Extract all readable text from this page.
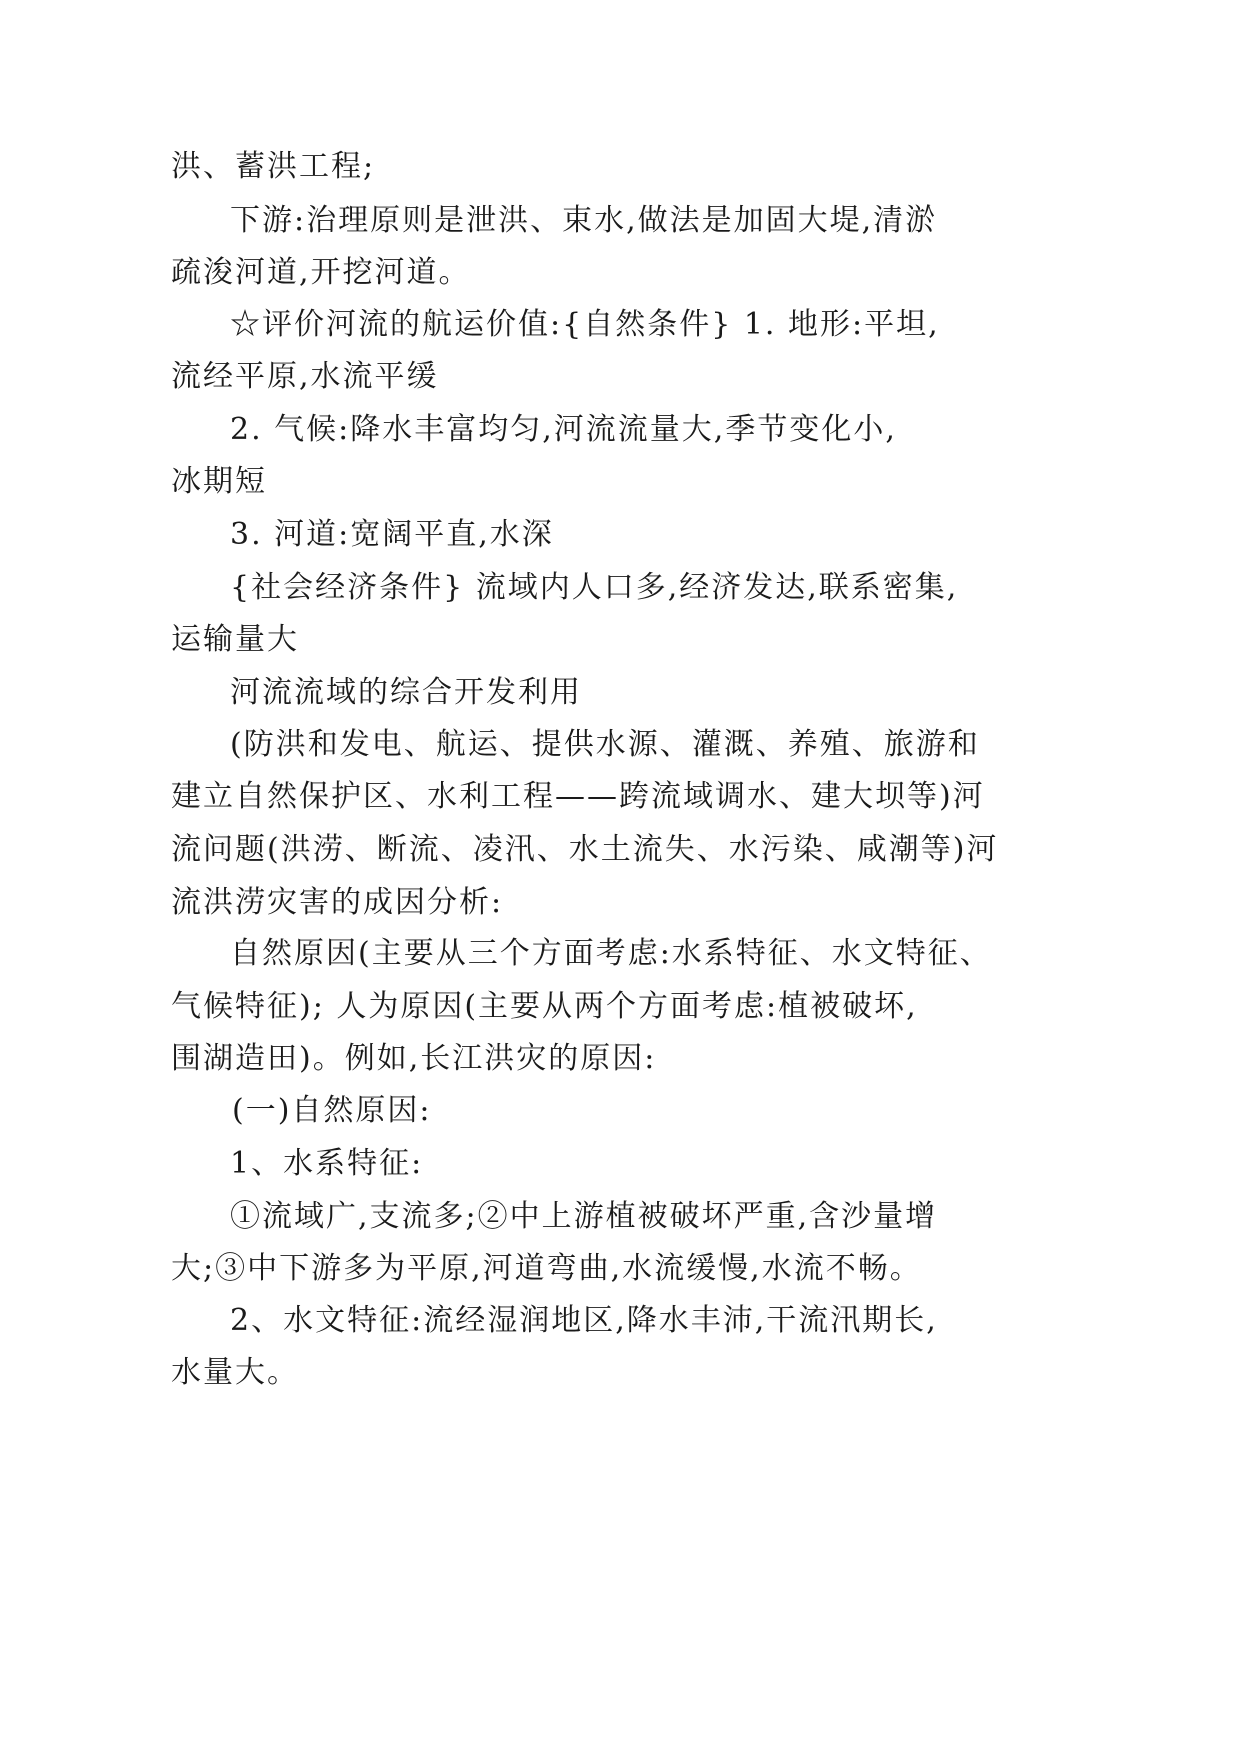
洪、蓄洪工程;
下游:治理原则是泄洪、束水,做法是加固大堤,清淤
疏浚河道,开挖河道。
☆评价河流的航运价值:{自然条件} 1. 地形:平坦,
流经平原,水流平缓
2. 气候:降水丰富均匀,河流流量大,季节变化小,
冰期短
3. 河道:宽阔平直,水深
{社会经济条件} 流域内人口多,经济发达,联系密集,
运输量大
河流流域的综合开发利用
(防洪和发电、航运、提供水源、灌溉、养殖、旅游和
建立自然保护区、水利工程——跨流域调水、建大坝等)河
流问题(洪涝、断流、凌汛、水土流失、水污染、咸潮等)河
流洪涝灾害的成因分析:
自然原因(主要从三个方面考虑:水系特征、水文特征、
气候特征); 人为原因(主要从两个方面考虑:植被破坏,
围湖造田)。例如,长江洪灾的原因:
(一)自然原因:
1、水系特征:
①流域广,支流多;②中上游植被破坏严重,含沙量增
大;③中下游多为平原,河道弯曲,水流缓慢,水流不畅。
2、水文特征:流经湿润地区,降水丰沛,干流汛期长,
水量大。
